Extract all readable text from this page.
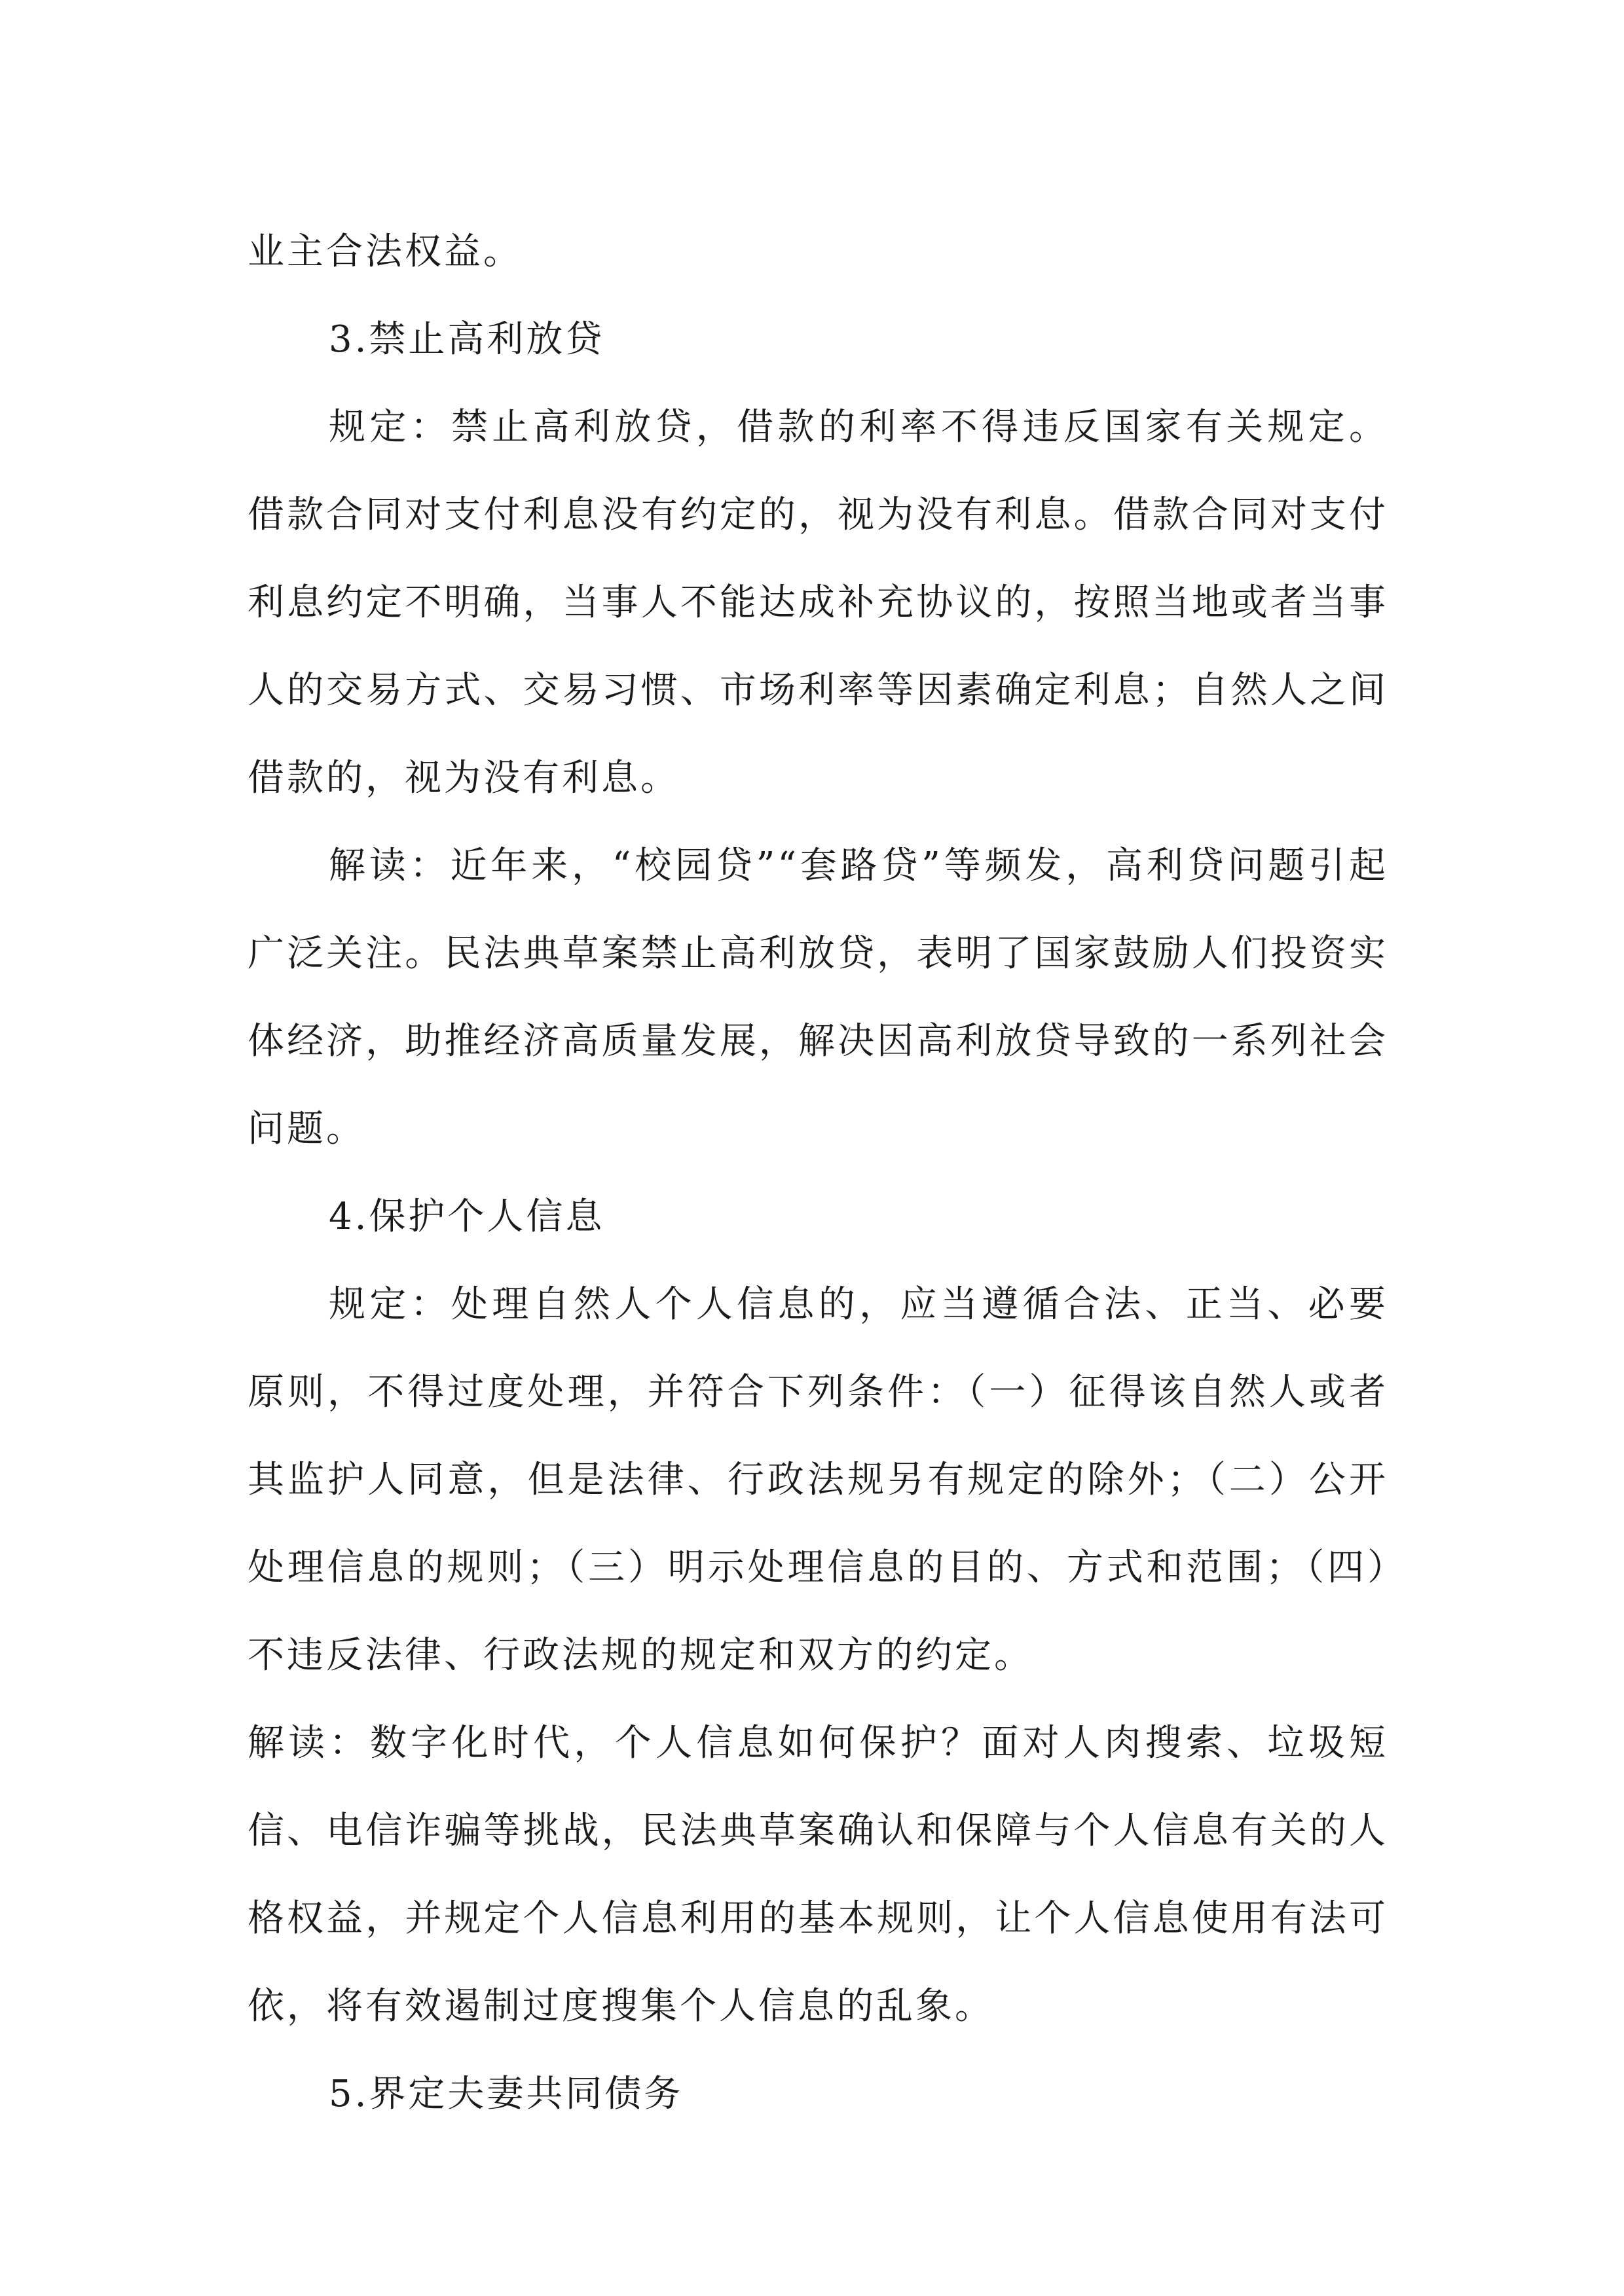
业主合法权益。

3.禁止高利放贷

规定：禁止高利放贷，借款的利率不得违反国家有关规定。借款合同对支付利息没有约定的，视为没有利息。借款合同对支付利息约定不明确，当事人不能达成补充协议的，按照当地或者当事人的交易方式、交易习惯、市场利率等因素确定利息；自然人之间借款的，视为没有利息。

解读：近年来，“校园贷”“套路贷”等频发，高利贷问题引起广泛关注。民法典草案禁止高利放贷，表明了国家鼓励人们投资实体经济，助推经济高质量发展，解决因高利放贷导致的一系列社会问题。

4.保护个人信息

规定：处理自然人个人信息的，应当遵循合法、正当、必要原则，不得过度处理，并符合下列条件：（一）征得该自然人或者其监护人同意，但是法律、行政法规另有规定的除外；（二）公开处理信息的规则；（三）明示处理信息的目的、方式和范围；（四）不违反法律、行政法规的规定和双方的约定。

解读：数字化时代，个人信息如何保护？面对人肉搜索、垃圾短信、电信诈骗等挑战，民法典草案确认和保障与个人信息有关的人格权益，并规定个人信息利用的基本规则，让个人信息使用有法可依，将有效遏制过度搜集个人信息的乱象。

5.界定夫妻共同债务
